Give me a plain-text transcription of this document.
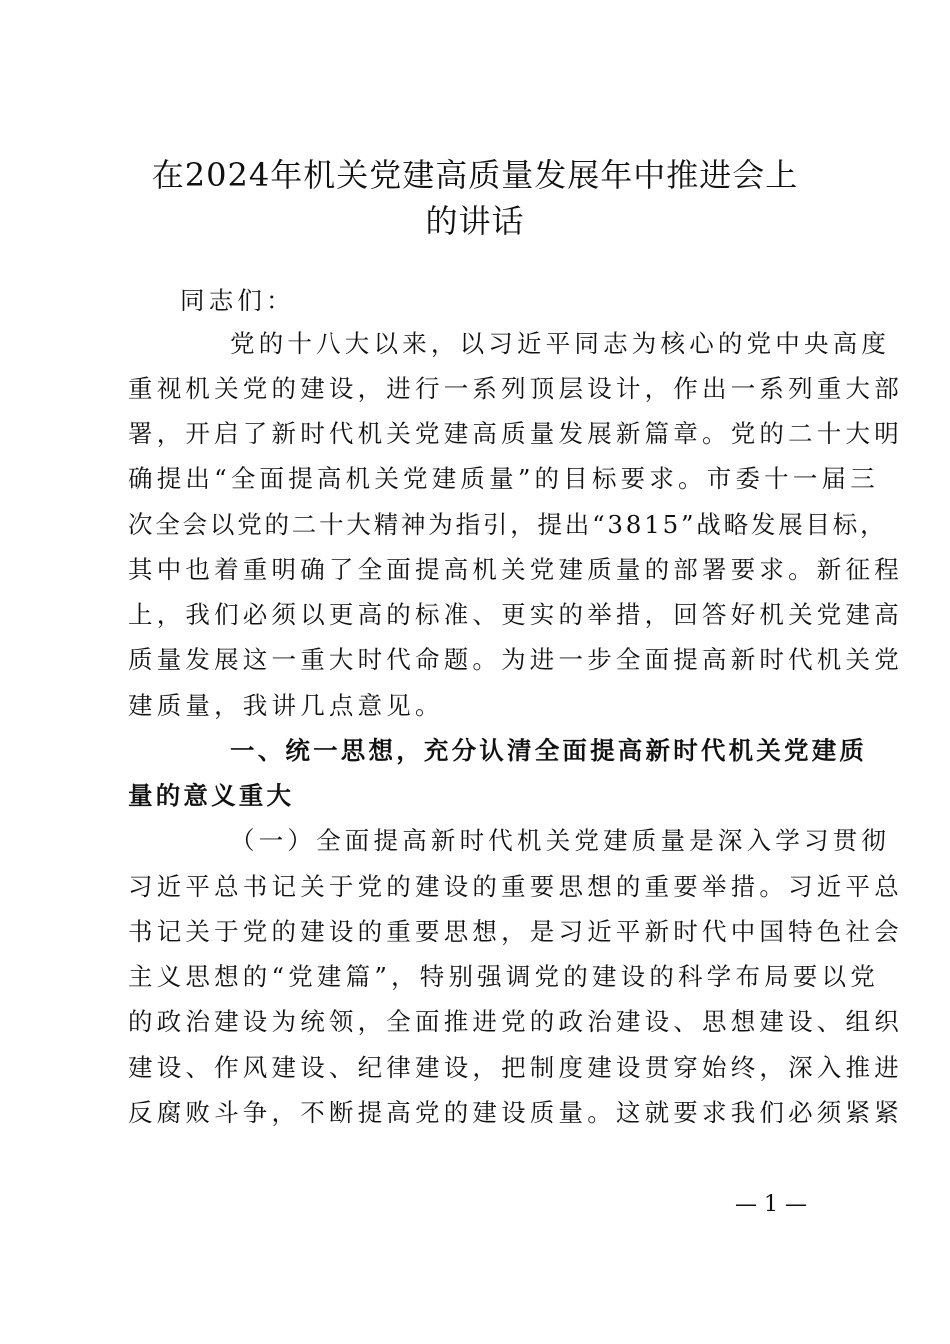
在2024年机关党建高质量发展年中推进会上
的讲话

同志们：

党的十八大以来，以习近平同志为核心的党中央高度

重视机关党的建设，进行一系列顶层设计，作出一系列重大部

署，开启了新时代机关党建高质量发展新篇章。党的二十大明

确提出“全面提高机关党建质量”的目标要求。市委十一届三

次全会以党的二十大精神为指引，提出“3815”战略发展目标，

其中也着重明确了全面提高机关党建质量的部署要求。新征程

上，我们必须以更高的标准、更实的举措，回答好机关党建高

质量发展这一重大时代命题。为进一步全面提高新时代机关党

建质量，我讲几点意见。

一、统一思想，充分认清全面提高新时代机关党建质

量的意义重大

（一）全面提高新时代机关党建质量是深入学习贯彻

习近平总书记关于党的建设的重要思想的重要举措。习近平总

书记关于党的建设的重要思想，是习近平新时代中国特色社会

主义思想的“党建篇”，特别强调党的建设的科学布局要以党

的政治建设为统领，全面推进党的政治建设、思想建设、组织

建设、作风建设、纪律建设，把制度建设贯穿始终，深入推进

反腐败斗争，不断提高党的建设质量。这就要求我们必须紧紧

— 1 —
